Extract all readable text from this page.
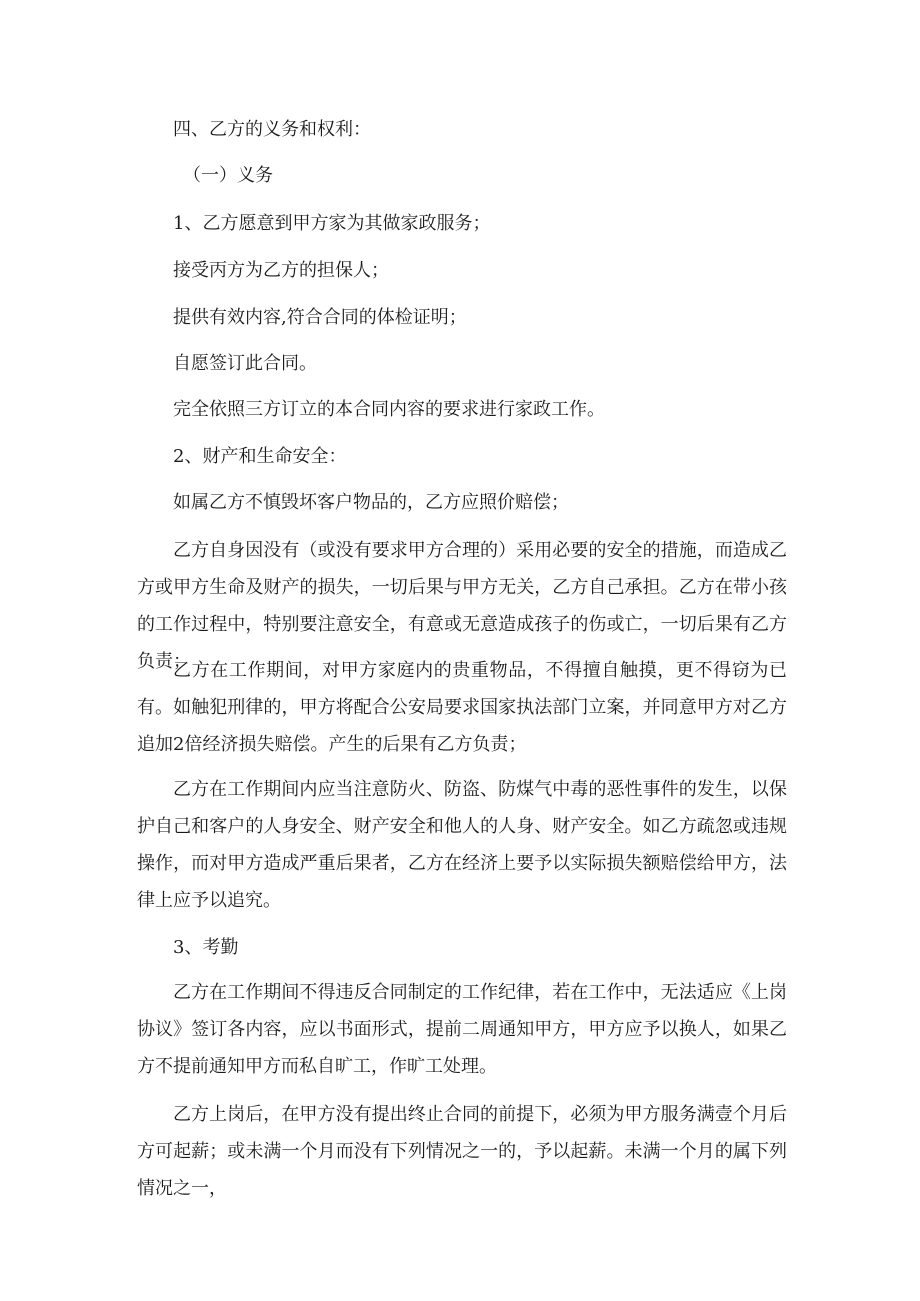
四、乙方的义务和权利：

（一）义务

1、乙方愿意到甲方家为其做家政服务；

接受丙方为乙方的担保人；

提供有效内容,符合合同的体检证明；

自愿签订此合同。

完全依照三方订立的本合同内容的要求进行家政工作。

2、财产和生命安全：

如属乙方不慎毁坏客户物品的，乙方应照价赔偿；

乙方自身因没有（或没有要求甲方合理的）采用必要的安全的措施，而造成乙方或甲方生命及财产的损失，一切后果与甲方无关，乙方自己承担。乙方在带小孩的工作过程中，特别要注意安全，有意或无意造成孩子的伤或亡，一切后果有乙方负责；

乙方在工作期间，对甲方家庭内的贵重物品，不得擅自触摸，更不得窃为已有。如触犯刑律的，甲方将配合公安局要求国家执法部门立案，并同意甲方对乙方追加2倍经济损失赔偿。产生的后果有乙方负责；

乙方在工作期间内应当注意防火、防盗、防煤气中毒的恶性事件的发生，以保护自己和客户的人身安全、财产安全和他人的人身、财产安全。如乙方疏忽或违规操作，而对甲方造成严重后果者，乙方在经济上要予以实际损失额赔偿给甲方，法律上应予以追究。

3、考勤

乙方在工作期间不得违反合同制定的工作纪律，若在工作中，无法适应《上岗协议》签订各内容，应以书面形式，提前二周通知甲方，甲方应予以换人，如果乙方不提前通知甲方而私自旷工，作旷工处理。

乙方上岗后，在甲方没有提出终止合同的前提下，必须为甲方服务满壹个月后方可起薪；或未满一个月而没有下列情况之一的，予以起薪。未满一个月的属下列情况之一，
